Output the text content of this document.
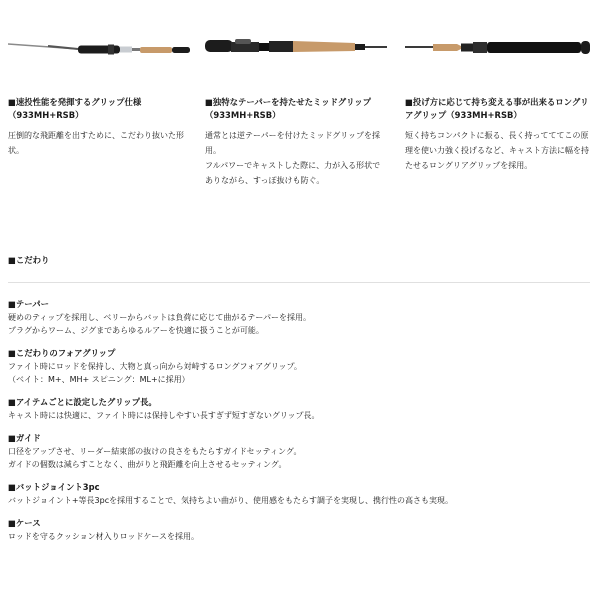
■速投性能を発揮するグリップ仕様（933MH+RSB）
圧倒的な飛距離を出すために、こだわり抜いた形状。
■独特なテーパーを持たせたミッドグリップ（933MH+RSB）
通常とは逆テーパーを付けたミッドグリップを採用。
フルパワーでキャストした際に、力が入る形状でありながら、すっぽ抜けも防ぐ。
■投げ方に応じて持ち変える事が出来るロングリアグリップ（933MH+RSB）
短く持ちコンパクトに振る、長く持ってててこの原理を使い力強く投げるなど、キャスト方法に幅を持たせるロングリアグリップを採用。
■こだわり
■テーパー
硬めのティップを採用し、ベリーからバットは負荷に応じて曲がるテーパーを採用。
プラグからワーム、ジグまであらゆるルアーを快適に扱うことが可能。
■こだわりのフォアグリップ
ファイト時にロッドを保持し、大物と真っ向から対峙するロングフォアグリップ。
（ベイト：M+、MH+ スピニング：ML+に採用）
■アイテムごとに設定したグリップ長。
キャスト時には快適に、ファイト時には保持しやすい長すぎず短すぎないグリップ長。
■ガイド
口径をアップさせ、リーダー結束部の抜けの良さをもたらすガイドセッティング。
ガイドの個数は減らすことなく、曲がりと飛距離を向上させるセッティング。
■バットジョイント3pc
バットジョイント+等長3pcを採用することで、気持ちよい曲がり、使用感をもたらす調子を実現し、携行性の高さも実現。
■ケース
ロッドを守るクッション材入りロッドケースを採用。
